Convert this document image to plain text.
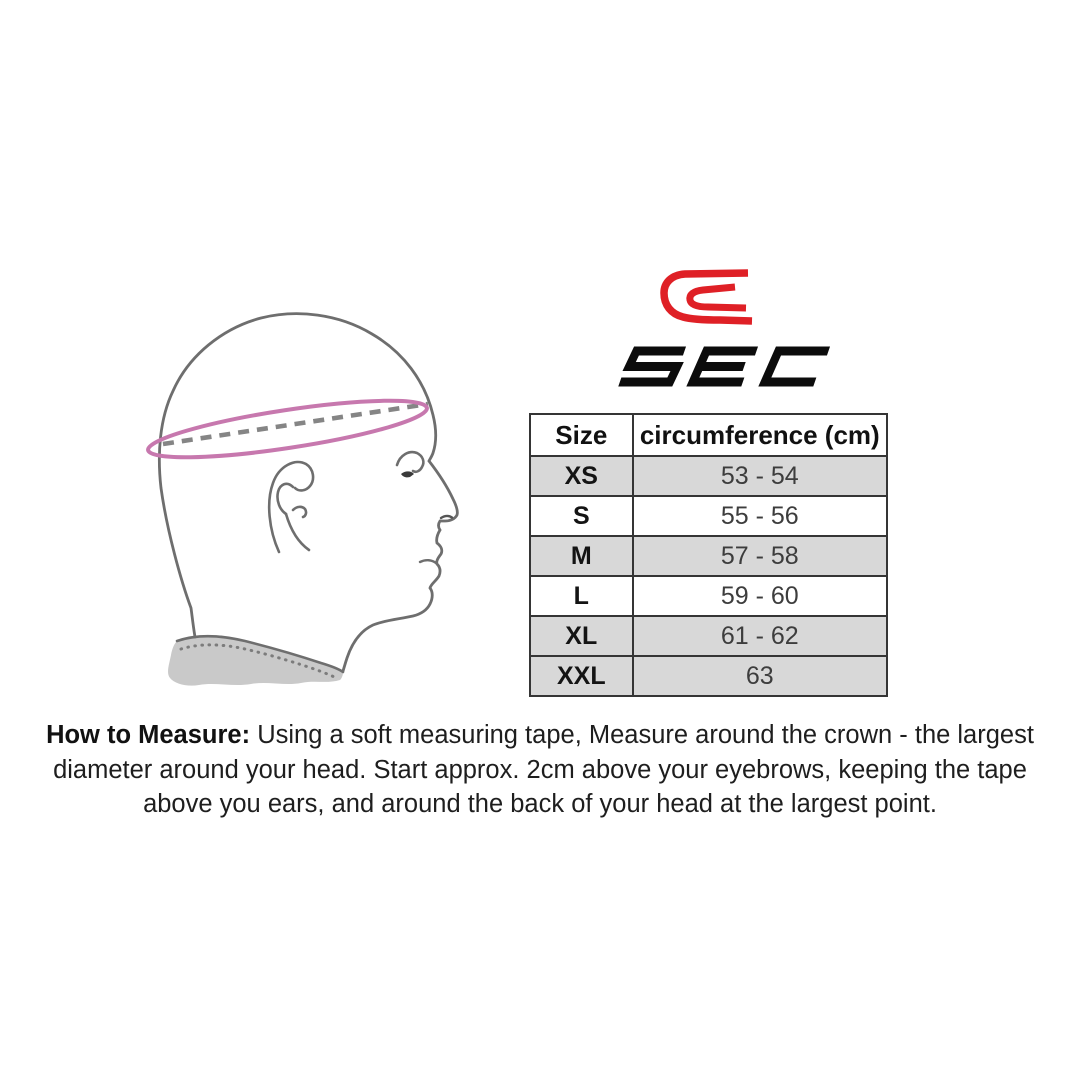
Size	circumference (cm)
XS	53 - 54
S	55 - 56
M	57 - 58
L	59 - 60
XL	61 - 62
XXL	63
How to Measure: Using a soft measuring tape, Measure around the crown - the largest
diameter around your head. Start approx. 2cm above your eyebrows, keeping the tape
above you ears, and around the back of your head at the largest point.
